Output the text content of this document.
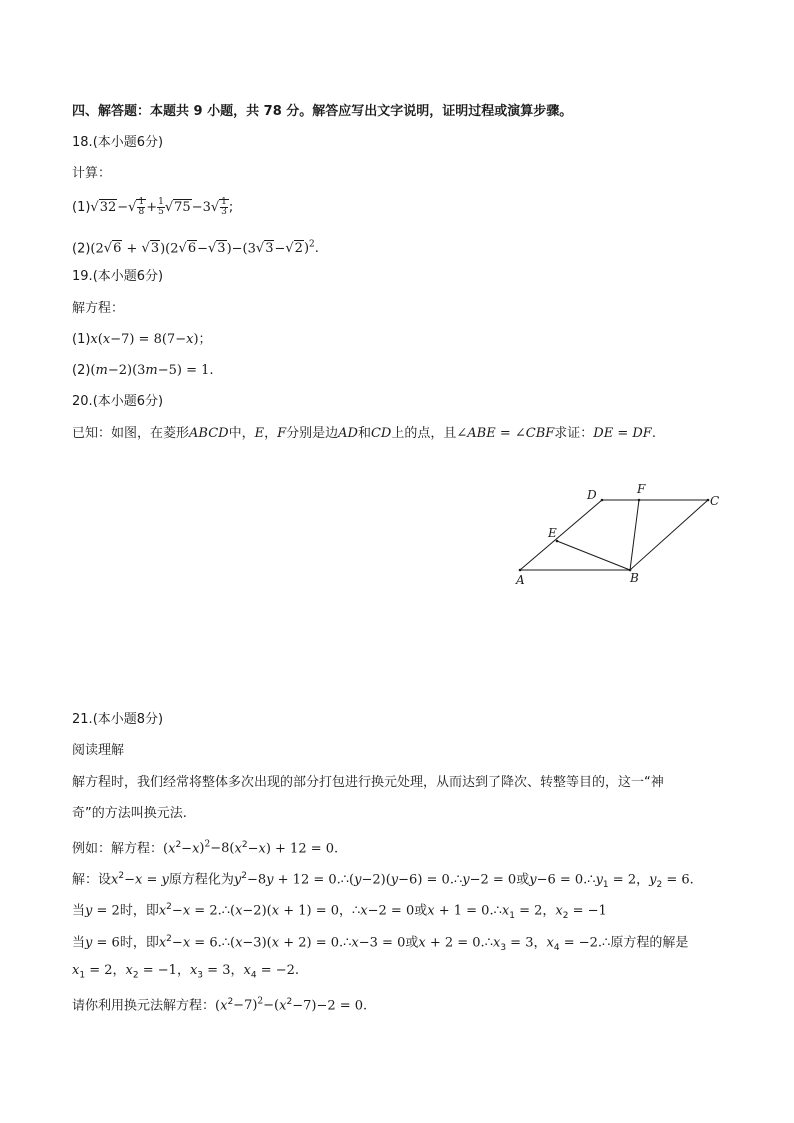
四、解答题：本题共 9 小题，共 78 分。解答应写出文字说明，证明过程或演算步骤。
18.(本小题6分)
计算：
$(1)√32-√ \frac{1}{8} + \frac{1}{5} √75-3√ \frac{1}{3}$ ;
$(2)(2√6 + √3)(2√6-√3)-(3√3-√2)^2$.
19.(本小题6分)
解方程：
(1)x(x−7) = 8(7−x)；
(2)(m−2)(3m−5) = 1.
20.(本小题6分)
已知：如图，在菱形ABCD中，E，F分别是边AD和CD上的点，且∠ABE = ∠CBF求证：DE = DF.
A	B
C
D
E
F
21.(本小题8分)
阅读理解
解方程时，我们经常将整体多次出现的部分打包进行换元处理，从而达到了降次、转整等目的，这一“神
奇”的方法叫换元法.
例如：解方程：$(x^2-x)^2-8(x^2-x) + 12 = 0$.
解：设$x^2-x = y$原方程化为$y^2-8y + 12$ = 0.∴(y−2)(y−6) = 0.∴y−2 = 0或$y-6 = 0.\therefore y_1 = 2$，$y_2 = 6$.
当y = 2时，即$x^2-x$ = 2.∴(x−2)(x + 1) = 0，∴x−2 = 0或$x + 1 = 0.\therefore x_1 = 2$，$x_2 = -1$
当y = 6时，即$x^2-x$ = 6.∴(x−3)(x + 2) = 0.∴x−3 = 0或$x + 2 = 0.\therefore x_3 = 3$，$x_4$ = −2.∴原方程的解是
$x_1 = 2$，$x_2 = -1$，$x_3 = 3$，$x_4 = -2$.
请你利用换元法解方程：$(x^2-7)^2-(x^2-7)-2 = 0$.
